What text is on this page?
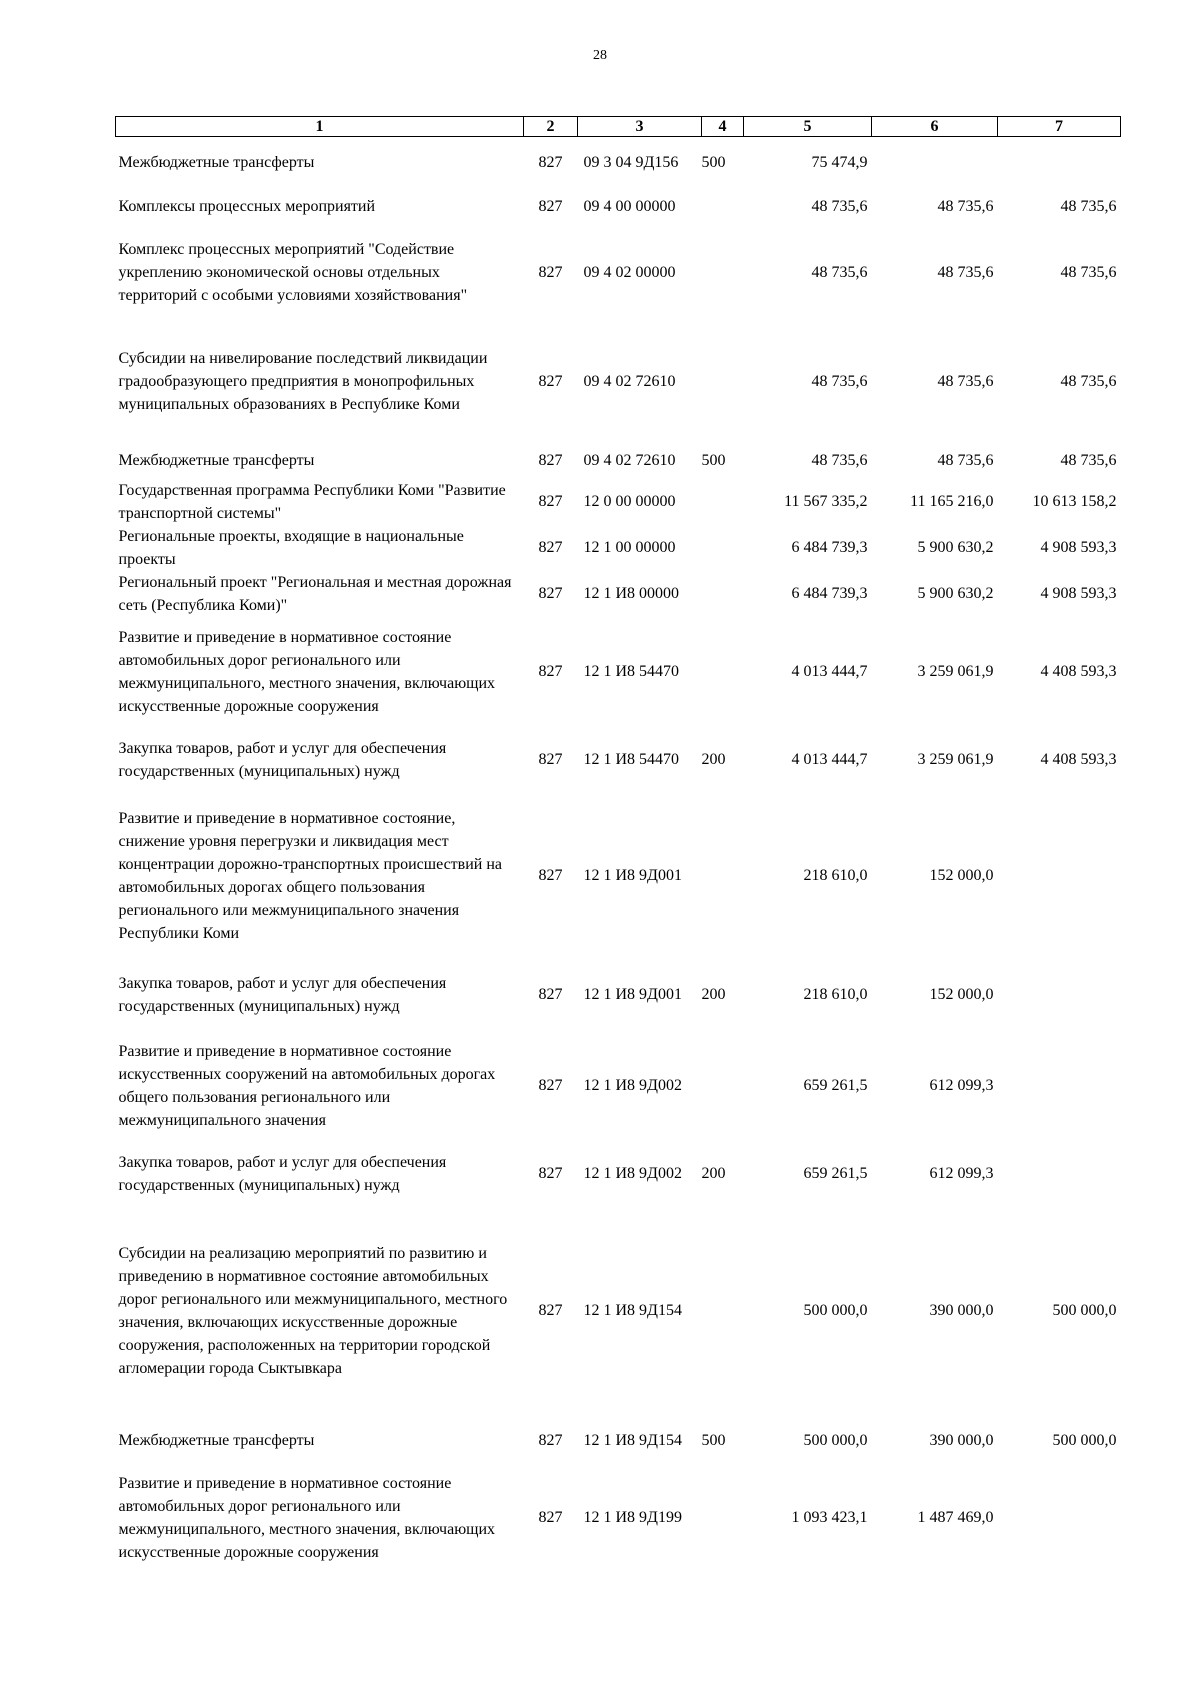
28
1	2	3	4	5	6	7
Межбюджетные трансферты	827	09 3 04 9Д156	500	75 474,9		
Комплексы процессных мероприятий	827	09 4 00 00000		48 735,6	48 735,6	48 735,6
Комплекс процессных мероприятий "Содействие укреплению экономической основы отдельных территорий с особыми условиями хозяйствования"	827	09 4 02 00000		48 735,6	48 735,6	48 735,6
Субсидии на нивелирование последствий ликвидации градообразующего предприятия в монопрофильных муниципальных образованиях в Республике Коми	827	09 4 02 72610		48 735,6	48 735,6	48 735,6
Межбюджетные трансферты	827	09 4 02 72610	500	48 735,6	48 735,6	48 735,6
Государственная программа Республики Коми "Развитие транспортной системы"	827	12 0 00 00000		11 567 335,2	11 165 216,0	10 613 158,2
Региональные проекты, входящие в национальные проекты	827	12 1 00 00000		6 484 739,3	5 900 630,2	4 908 593,3
Региональный проект "Региональная и местная дорожная сеть (Республика Коми)"	827	12 1 И8 00000		6 484 739,3	5 900 630,2	4 908 593,3
Развитие и приведение в нормативное состояние автомобильных дорог регионального или межмуниципального, местного значения, включающих искусственные дорожные сооружения	827	12 1 И8 54470		4 013 444,7	3 259 061,9	4 408 593,3
Закупка товаров, работ и услуг для обеспечения государственных (муниципальных) нужд	827	12 1 И8 54470	200	4 013 444,7	3 259 061,9	4 408 593,3
Развитие и приведение в нормативное состояние, снижение уровня перегрузки и ликвидация мест концентрации дорожно-транспортных происшествий на автомобильных дорогах общего пользования регионального или межмуниципального значения Республики Коми	827	12 1 И8 9Д001		218 610,0	152 000,0	
Закупка товаров, работ и услуг для обеспечения государственных (муниципальных) нужд	827	12 1 И8 9Д001	200	218 610,0	152 000,0	
Развитие и приведение в нормативное состояние искусственных сооружений на автомобильных дорогах общего пользования регионального или межмуниципального значения	827	12 1 И8 9Д002		659 261,5	612 099,3	
Закупка товаров, работ и услуг для обеспечения государственных (муниципальных) нужд	827	12 1 И8 9Д002	200	659 261,5	612 099,3	
Субсидии на реализацию мероприятий по развитию и приведению в нормативное состояние автомобильных дорог регионального или межмуниципального, местного значения, включающих искусственные дорожные сооружения, расположенных на территории городской агломерации города Сыктывкара	827	12 1 И8 9Д154		500 000,0	390 000,0	500 000,0
Межбюджетные трансферты	827	12 1 И8 9Д154	500	500 000,0	390 000,0	500 000,0
Развитие и приведение в нормативное состояние автомобильных дорог регионального или межмуниципального, местного значения, включающих искусственные дорожные сооружения	827	12 1 И8 9Д199		1 093 423,1	1 487 469,0	
